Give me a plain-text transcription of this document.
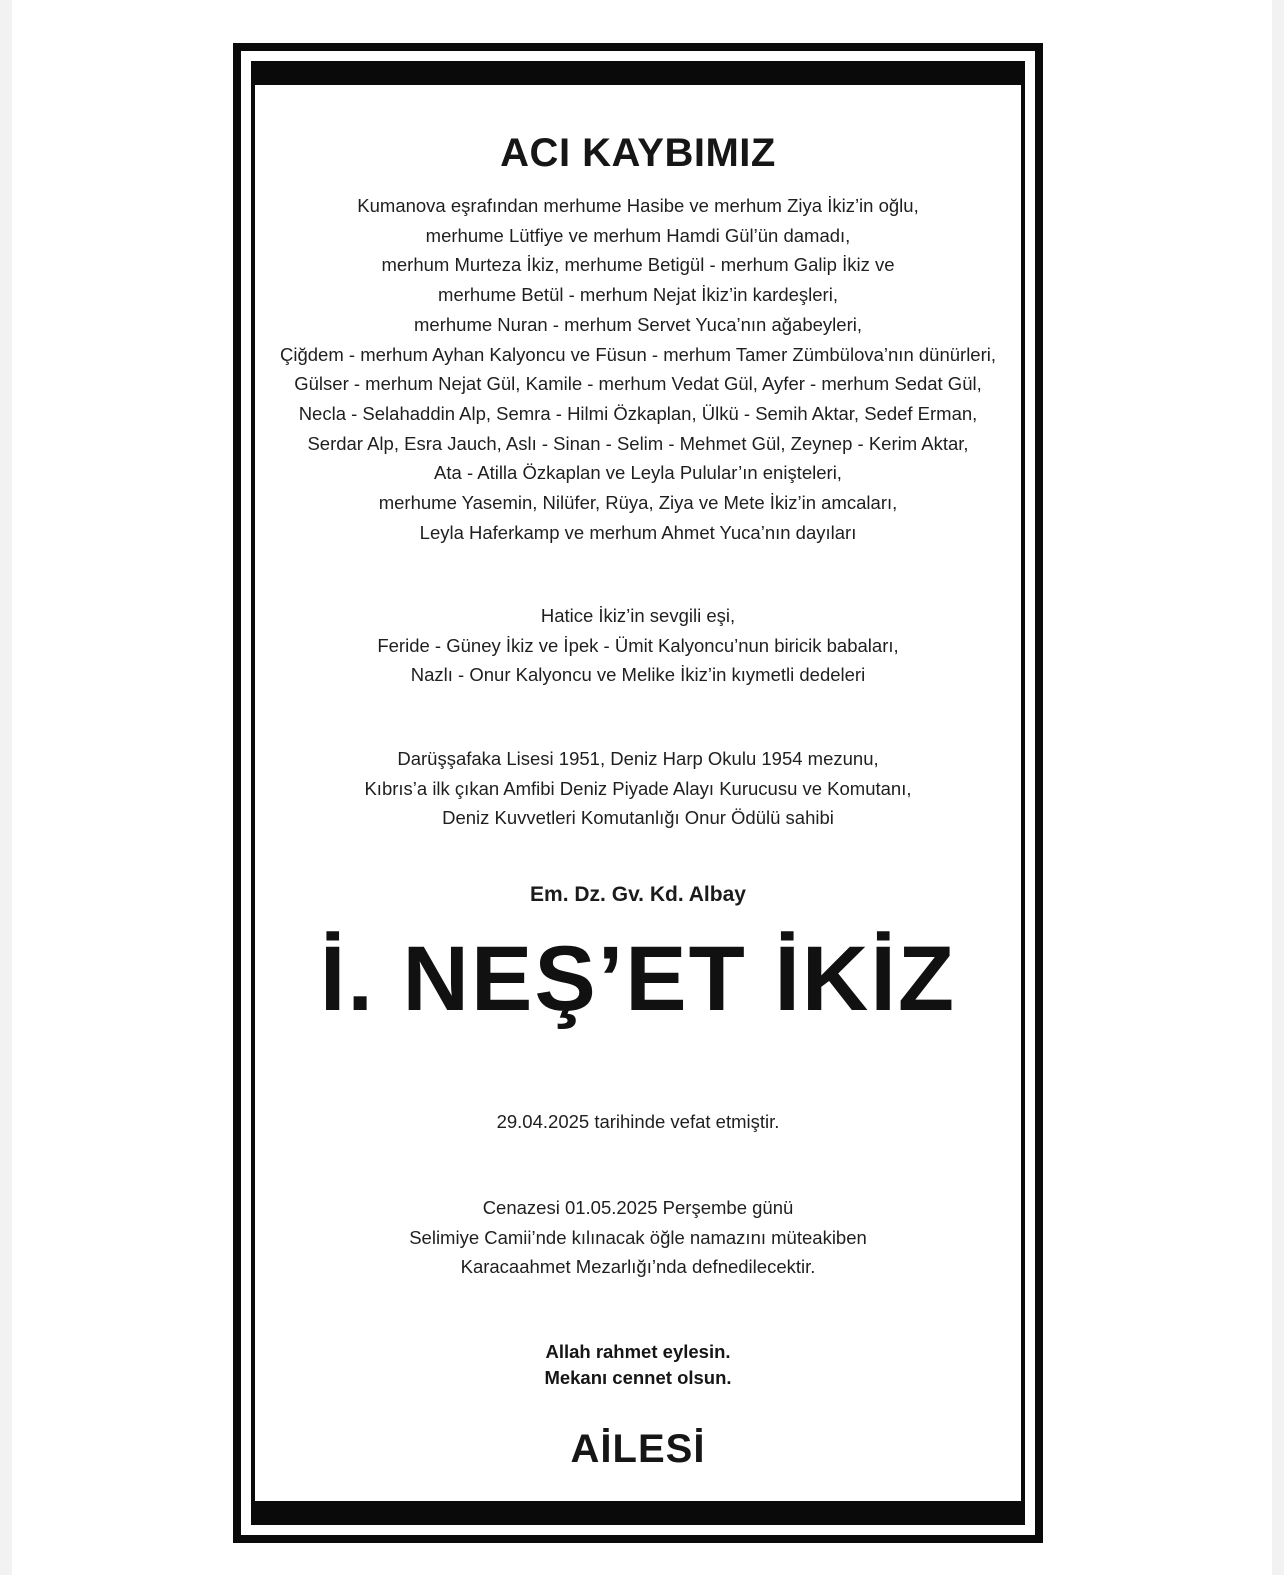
ACI KAYBIMIZ
Kumanova eşrafından merhume Hasibe ve merhum Ziya İkiz’in oğlu,
merhume Lütfiye ve merhum Hamdi Gül’ün damadı,
merhum Murteza İkiz, merhume Betigül - merhum Galip İkiz ve
merhume Betül - merhum Nejat İkiz’in kardeşleri,
merhume Nuran - merhum Servet Yuca’nın ağabeyleri,
Çiğdem - merhum Ayhan Kalyoncu ve Füsun - merhum Tamer Zümbülova’nın dünürleri,
Gülser - merhum Nejat Gül, Kamile - merhum Vedat Gül, Ayfer - merhum Sedat Gül,
Necla - Selahaddin Alp, Semra - Hilmi Özkaplan, Ülkü - Semih Aktar, Sedef Erman,
Serdar Alp, Esra Jauch, Aslı - Sinan - Selim - Mehmet Gül, Zeynep - Kerim Aktar,
Ata - Atilla Özkaplan ve Leyla Pulular’ın enişteleri,
merhume Yasemin, Nilüfer, Rüya, Ziya ve Mete İkiz’in amcaları,
Leyla Haferkamp ve merhum Ahmet Yuca’nın dayıları
Hatice İkiz’in sevgili eşi,
Feride - Güney İkiz ve İpek - Ümit Kalyoncu’nun biricik babaları,
Nazlı - Onur Kalyoncu ve Melike İkiz’in kıymetli dedeleri
Darüşşafaka Lisesi 1951, Deniz Harp Okulu 1954 mezunu,
Kıbrıs’a ilk çıkan Amfibi Deniz Piyade Alayı Kurucusu ve Komutanı,
Deniz Kuvvetleri Komutanlığı Onur Ödülü sahibi
Em. Dz. Gv. Kd. Albay
İ. NEŞ’ET İKİZ
29.04.2025 tarihinde vefat etmiştir.
Cenazesi 01.05.2025 Perşembe günü
Selimiye Camii’nde kılınacak öğle namazını müteakiben
Karacaahmet Mezarlığı’nda defnedilecektir.
Allah rahmet eylesin.
Mekanı cennet olsun.
AİLESİ
